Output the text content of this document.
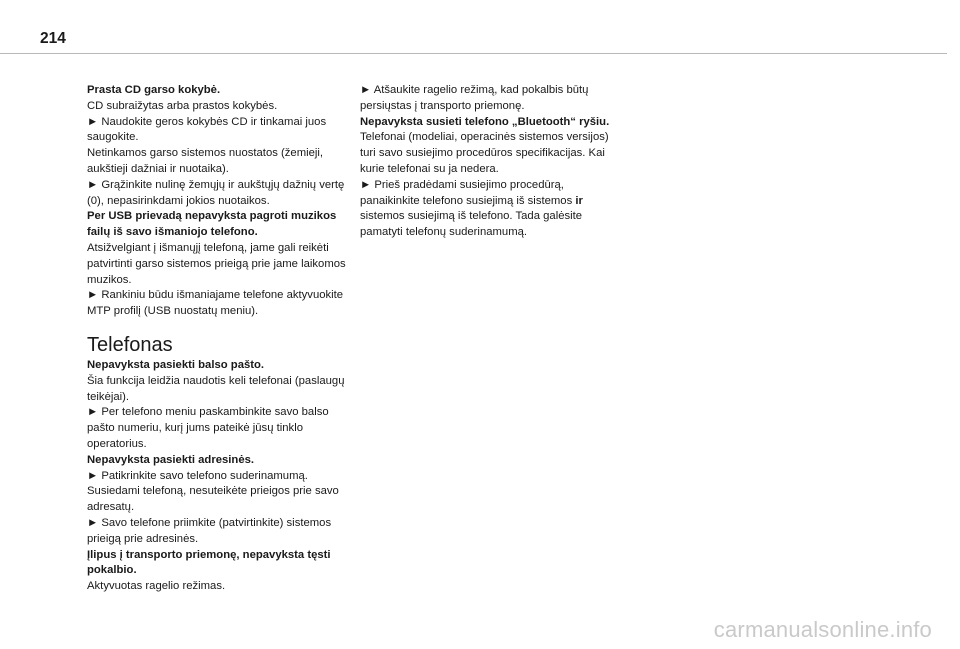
214

Prasta CD garso kokybė.

CD subraižytas arba prastos kokybės.

► Naudokite geros kokybės CD ir tinkamai juos saugokite.

Netinkamos garso sistemos nuostatos (žemieji, aukštieji dažniai ir nuotaika).

► Grąžinkite nulinę žemųjų ir aukštųjų dažnių vertę (0), nepasirinkdami jokios nuotaikos.

Per USB prievadą nepavyksta pagroti muzikos failų iš savo išmaniojo telefono.

Atsižvelgiant į išmanųjį telefoną, jame gali reikėti patvirtinti garso sistemos prieigą prie jame laikomos muzikos.

► Rankiniu būdu išmaniajame telefone aktyvuokite MTP profilį (USB nuostatų meniu).

Telefonas

Nepavyksta pasiekti balso pašto.

Šia funkcija leidžia naudotis keli telefonai (paslaugų teikėjai).

► Per telefono meniu paskambinkite savo balso pašto numeriu, kurį jums pateikė jūsų tinklo operatorius.

Nepavyksta pasiekti adresinės.

► Patikrinkite savo telefono suderinamumą.

Susiedami telefoną, nesuteikėte prieigos prie savo adresatų.

► Savo telefone priimkite (patvirtinkite) sistemos prieigą prie adresinės.

Įlipus į transporto priemonę, nepavyksta tęsti pokalbio.

Aktyvuotas ragelio režimas.

► Atšaukite ragelio režimą, kad pokalbis būtų persiųstas į transporto priemonę.

Nepavyksta susieti telefono „Bluetooth“ ryšiu.

Telefonai (modeliai, operacinės sistemos versijos) turi savo susiejimo procedūros specifikacijas. Kai kurie telefonai su ja nedera.

► Prieš pradėdami susiejimo procedūrą, panaikinkite telefono susiejimą iš sistemos ir sistemos susiejimą iš telefono. Tada galėsite pamatyti telefonų suderinamumą.

carmanualsonline.info
